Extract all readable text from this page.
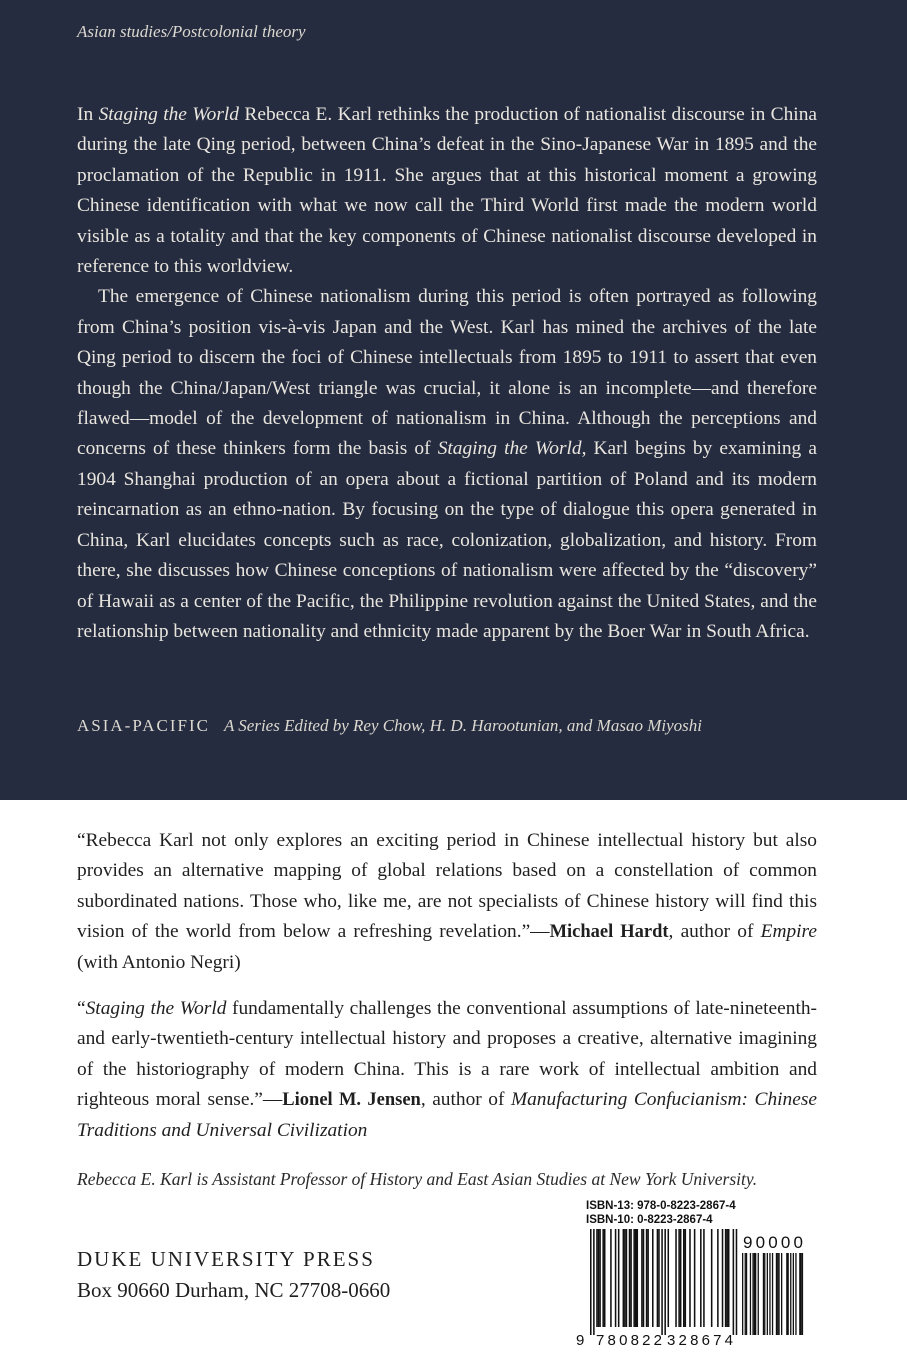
Asian studies/Postcolonial theory

In Staging the World Rebecca E. Karl rethinks the production of nationalist discourse in China during the late Qing period, between China’s defeat in the Sino-Japanese War in 1895 and the proclamation of the Republic in 1911. She argues that at this historical moment a growing Chinese identification with what we now call the Third World first made the modern world visible as a totality and that the key components of Chinese nationalist discourse developed in reference to this worldview.

The emergence of Chinese nationalism during this period is often portrayed as following from China’s position vis-à-vis Japan and the West. Karl has mined the archives of the late Qing period to discern the foci of Chinese intellectuals from 1895 to 1911 to assert that even though the China/Japan/West triangle was crucial, it alone is an incomplete—and therefore flawed—model of the development of nationalism in China. Although the perceptions and concerns of these thinkers form the basis of Staging the World, Karl begins by examining a 1904 Shanghai production of an opera about a fictional partition of Poland and its modern reincarnation as an ethno-nation. By focusing on the type of dialogue this opera generated in China, Karl elucidates concepts such as race, colonization, globalization, and history. From there, she discusses how Chinese conceptions of nationalism were affected by the “discovery” of Hawaii as a center of the Pacific, the Philippine revolution against the United States, and the relationship between nationality and ethnicity made apparent by the Boer War in South Africa.

ASIA-PACIFIC A Series Edited by Rey Chow, H. D. Harootunian, and Masao Miyoshi

“Rebecca Karl not only explores an exciting period in Chinese intellectual history but also provides an alternative mapping of global relations based on a constellation of common subordinated nations. Those who, like me, are not specialists of Chinese history will find this vision of the world from below a refreshing revelation.”—Michael Hardt, author of Empire (with Antonio Negri)

“Staging the World fundamentally challenges the conventional assumptions of late-nineteenth- and early-twentieth-century intellectual history and proposes a creative, alternative imagining of the historiography of modern China. This is a rare work of intellectual ambition and righteous moral sense.”—Lionel M. Jensen, author of Manufacturing Confucianism: Chinese Traditions and Universal Civilization

Rebecca E. Karl is Assistant Professor of History and East Asian Studies at New York University.
DUKE UNIVERSITY PRESS
Box 90660 Durham, NC 27708-0660
ISBN-13: 978-0-8223-2867-4
ISBN-10: 0-8223-2867-4
9 780822 328674
90000
